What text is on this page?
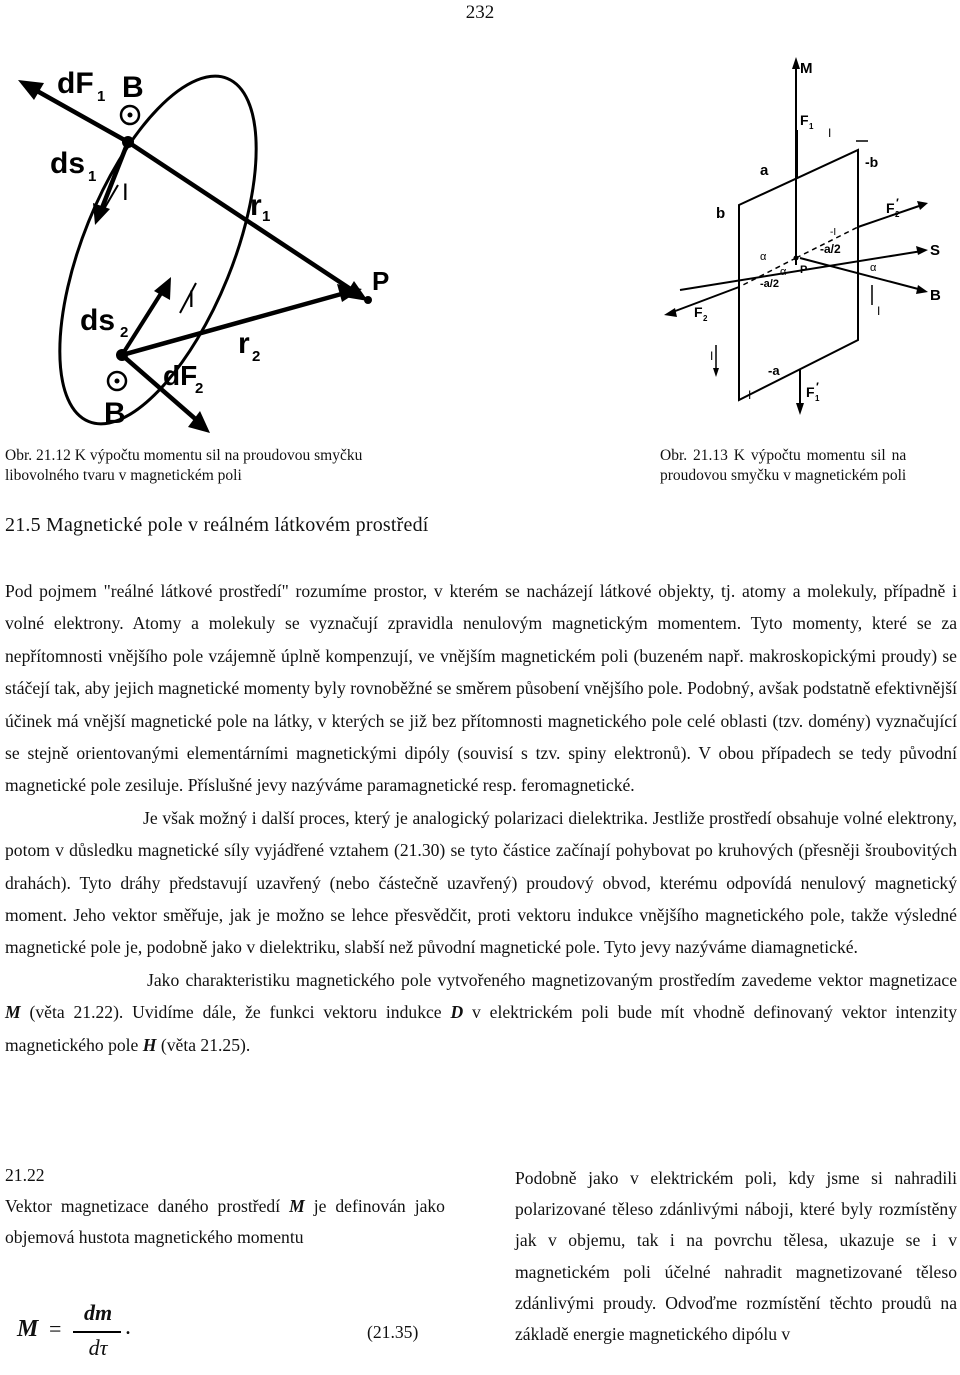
232
dF 1 B
ds 1
I	r 1
P
I
ds 2	r 2
dF
2
B
Obr. 21.12 K výpočtu momentu sil na proudovou smyčku
libovolného tvaru v magnetickém poli
M
F 1 I
-b
a
b	F 2
′
-I
α
-a/2	S
α P	α
-a/2
B
F 2
I
I
-a
I	F 1
′
Obr. 21.13 K výpočtu momentu sil na
proudovou smyčku v magnetickém poli
21.5 Magnetické pole v reálném látkovém prostředí

Pod pojmem "reálné látkové prostředí" rozumíme prostor, v kterém se nacházejí látkové objekty, tj. atomy a molekuly, případně i volné elektrony. Atomy a molekuly se vyznačují zpravidla nenulovým magnetickým momentem. Tyto momenty, které se za nepřítomnosti vnějšího pole vzájemně úplně kompenzují, ve vnějším magnetickém poli (buzeném např. makroskopickými proudy) se stáčejí tak, aby jejich magnetické momenty byly rovnoběžné se směrem působení vnějšího pole. Podobný, avšak podstatně efektivnější účinek má vnější magnetické pole na látky, v kterých se již bez přítomnosti magnetického pole celé oblasti (tzv. domény) vyznačující se stejně orientovanými elementárními magnetickými dipóly (souvisí s tzv. spiny elektronů). V obou případech se tedy původní magnetické pole zesiluje. Příslušné jevy nazýváme paramagnetické resp. feromagnetické.

Je však možný i další proces, který je analogický polarizaci dielektrika. Jestliže prostředí obsahuje volné elektrony, potom v důsledku magnetické síly vyjádřené vztahem (21.30) se tyto částice začínají pohybovat po kruhových (přesněji šroubovitých drahách). Tyto dráhy představují uzavřený (nebo částečně uzavřený) proudový obvod, kterému odpovídá nenulový magnetický moment. Jeho vektor směřuje, jak je možno se lehce přesvědčit, proti vektoru indukce vnějšího magnetického pole, takže výsledné magnetické pole je, podobně jako v dielektriku, slabší než původní magnetické pole. Tyto jevy nazýváme diamagnetické.

Jako charakteristiku magnetického pole vytvořeného magnetizovaným prostředím zavedeme vektor magnetizace M (věta 21.22). Uvidíme dále, že funkci vektoru indukce D v elektrickém poli bude mít vhodně definovaný vektor intenzity magnetického pole H (věta 21.25).

21.22
Vektor magnetizace daného prostředí M je definován jako objemová hustota magnetického momentu
M =
dm
dτ
.	(21.35)
Podobně jako v elektrickém poli, kdy jsme si nahradili polarizované těleso zdánlivými náboji, které byly rozmístěny jak v objemu, tak i na povrchu tělesa, ukazuje se i v magnetickém poli účelné nahradit magnetizované těleso zdánlivými proudy. Odvoďme rozmístění těchto proudů na základě energie magnetického dipólu v
